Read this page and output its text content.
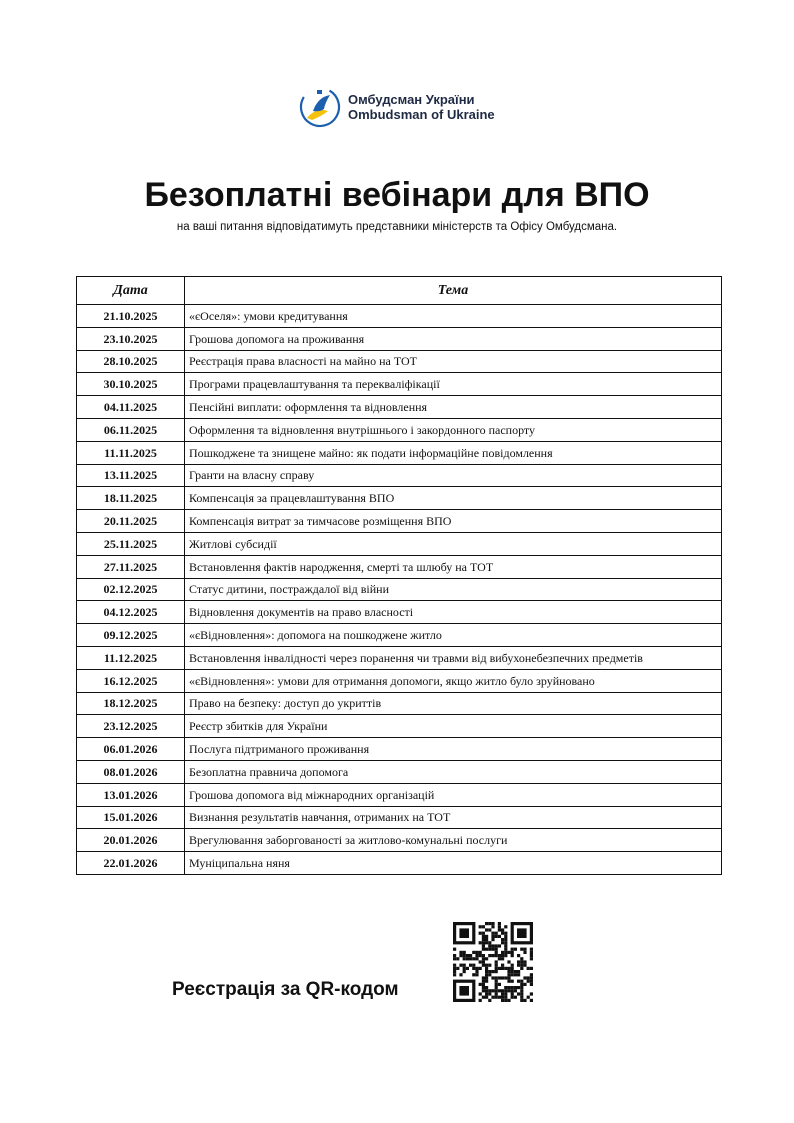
Омбудсман України
Ombudsman of Ukraine
Безоплатні вебінари для ВПО
на ваші питання відповідатимуть представники міністерств та Офісу Омбудсмана.
Дата	Тема
21.10.2025	«єОселя»: умови кредитування
23.10.2025	Грошова допомога на проживання
28.10.2025	Реєстрація права власності на майно на ТОТ
30.10.2025	Програми працевлаштування та перекваліфікації
04.11.2025	Пенсійні виплати: оформлення та відновлення
06.11.2025	Оформлення та відновлення внутрішнього і закордонного паспорту
11.11.2025	Пошкоджене та знищене майно: як подати інформаційне повідомлення
13.11.2025	Гранти на власну справу
18.11.2025	Компенсація за працевлаштування ВПО
20.11.2025	Компенсація витрат за тимчасове розміщення ВПО
25.11.2025	Житлові субсидії
27.11.2025	Встановлення фактів народження, смерті та шлюбу на ТОТ
02.12.2025	Статус дитини, постраждалої від війни
04.12.2025	Відновлення документів на право власності
09.12.2025	«єВідновлення»: допомога на пошкоджене житло
11.12.2025	Встановлення інвалідності через поранення чи травми від вибухонебезпечних предметів
16.12.2025	«єВідновлення»: умови для отримання допомоги, якщо житло було зруйновано
18.12.2025	Право на безпеку: доступ до укриттів
23.12.2025	Реєстр збитків для України
06.01.2026	Послуга підтриманого проживання
08.01.2026	Безоплатна правнича допомога
13.01.2026	Грошова допомога від міжнародних організацій
15.01.2026	Визнання результатів навчання, отриманих на ТОТ
20.01.2026	Врегулювання заборгованості за житлово-комунальні послуги
22.01.2026	Муніципальна няня
Реєстрація за QR-кодом
